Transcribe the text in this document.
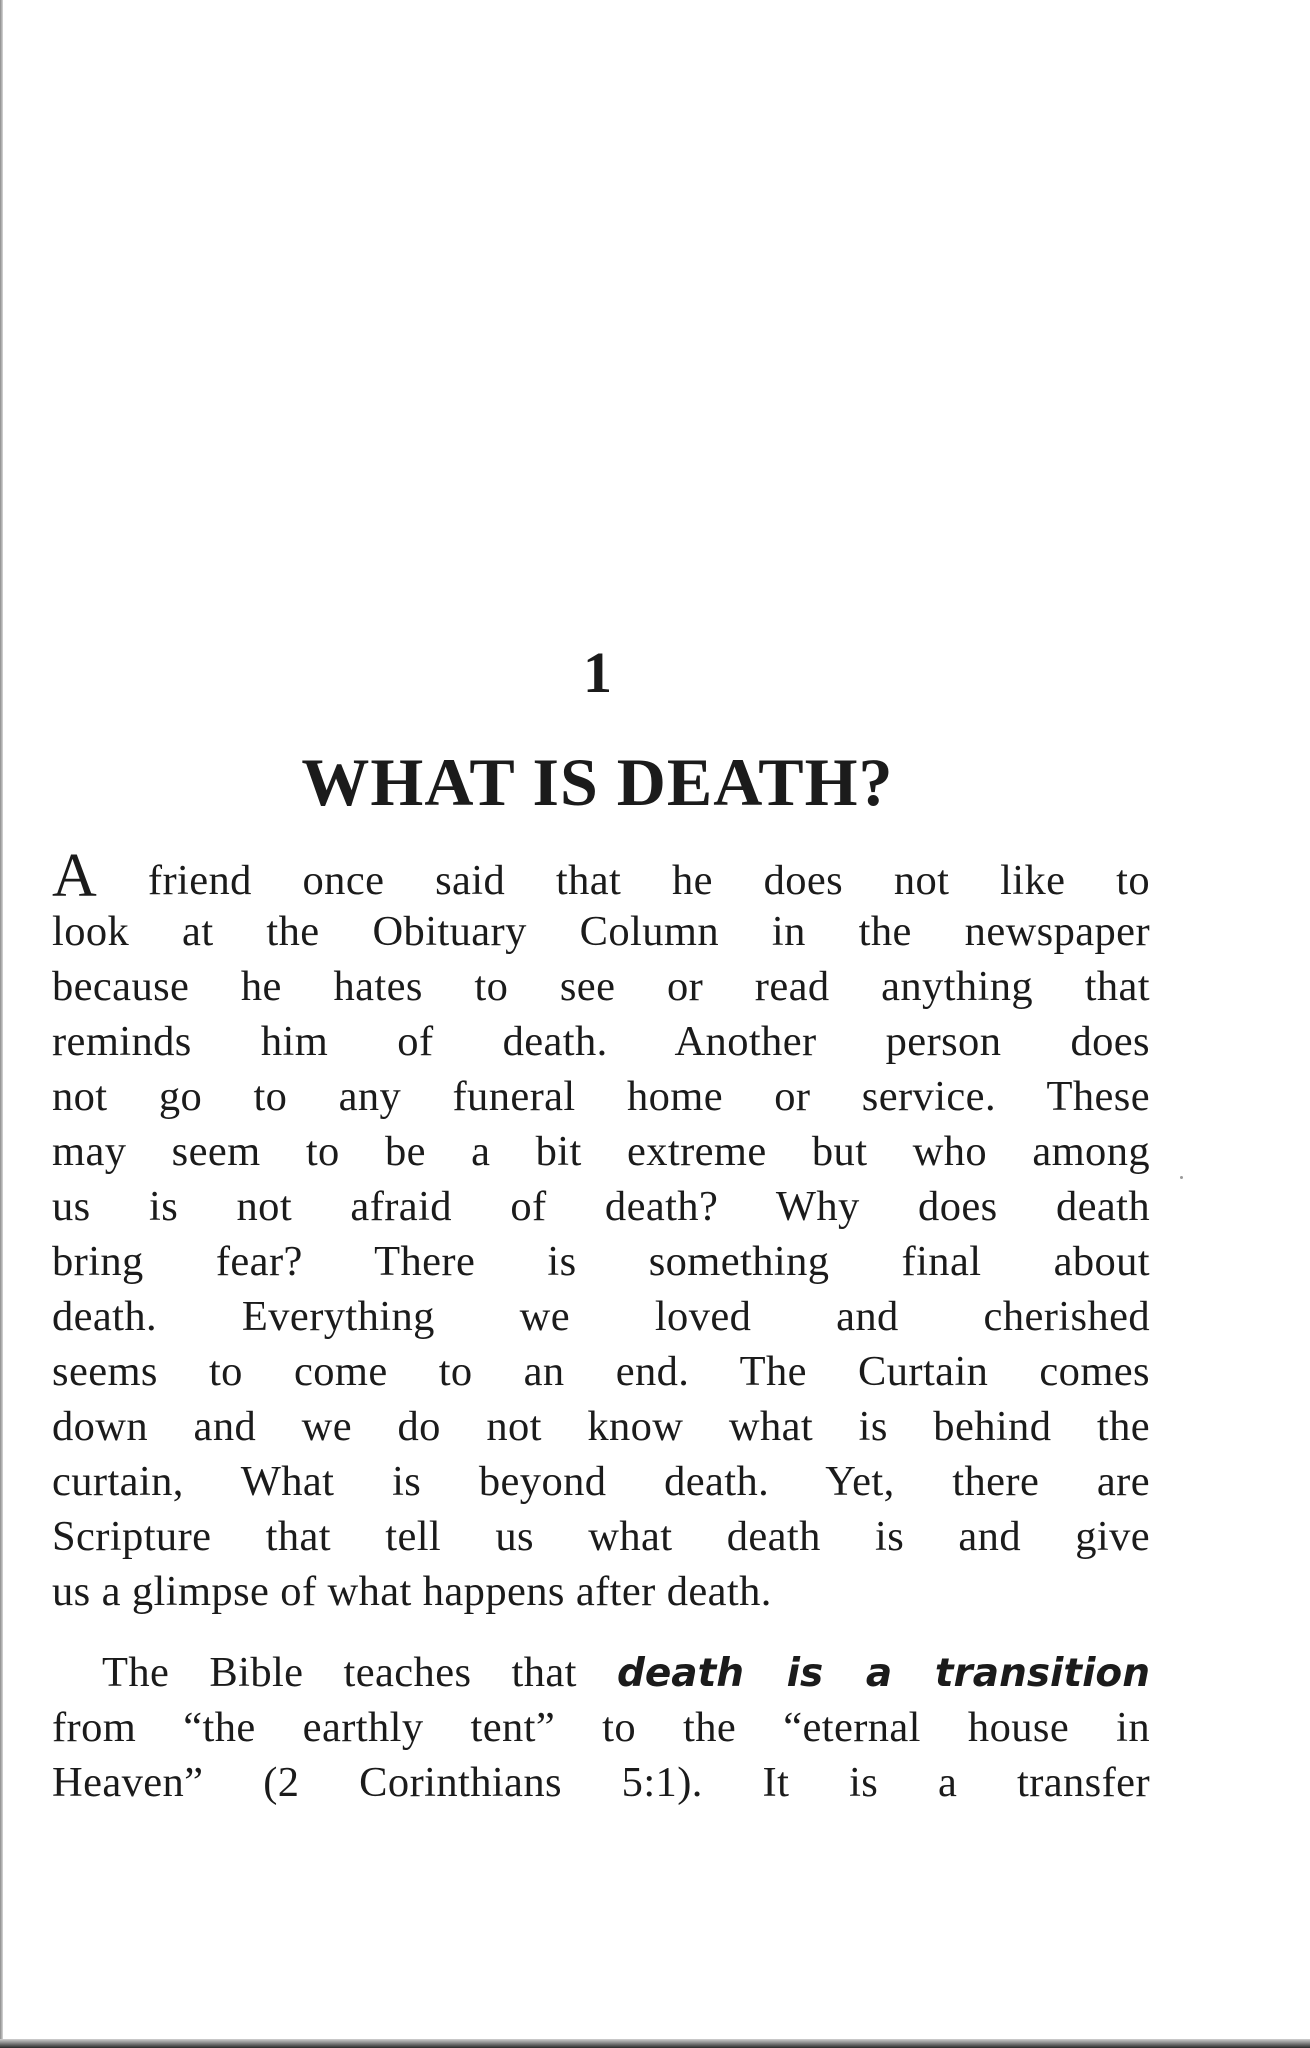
1
WHAT IS DEATH?
A friend once said that he does not like to
look at the Obituary Column in the newspaper
because he hates to see or read anything that
reminds him of death. Another person does
not go to any funeral home or service. These
may seem to be a bit extreme but who among
us is not afraid of death? Why does death
bring fear? There is something final about
death. Everything we loved and cherished
seems to come to an end. The Curtain comes
down and we do not know what is behind the
curtain, What is beyond death. Yet, there are
Scripture that tell us what death is and give
us a glimpse of what happens after death.
The Bible teaches that death is a transition
from “the earthly tent” to the “eternal house in
Heaven” (2 Corinthians 5:1). It is a transfer
